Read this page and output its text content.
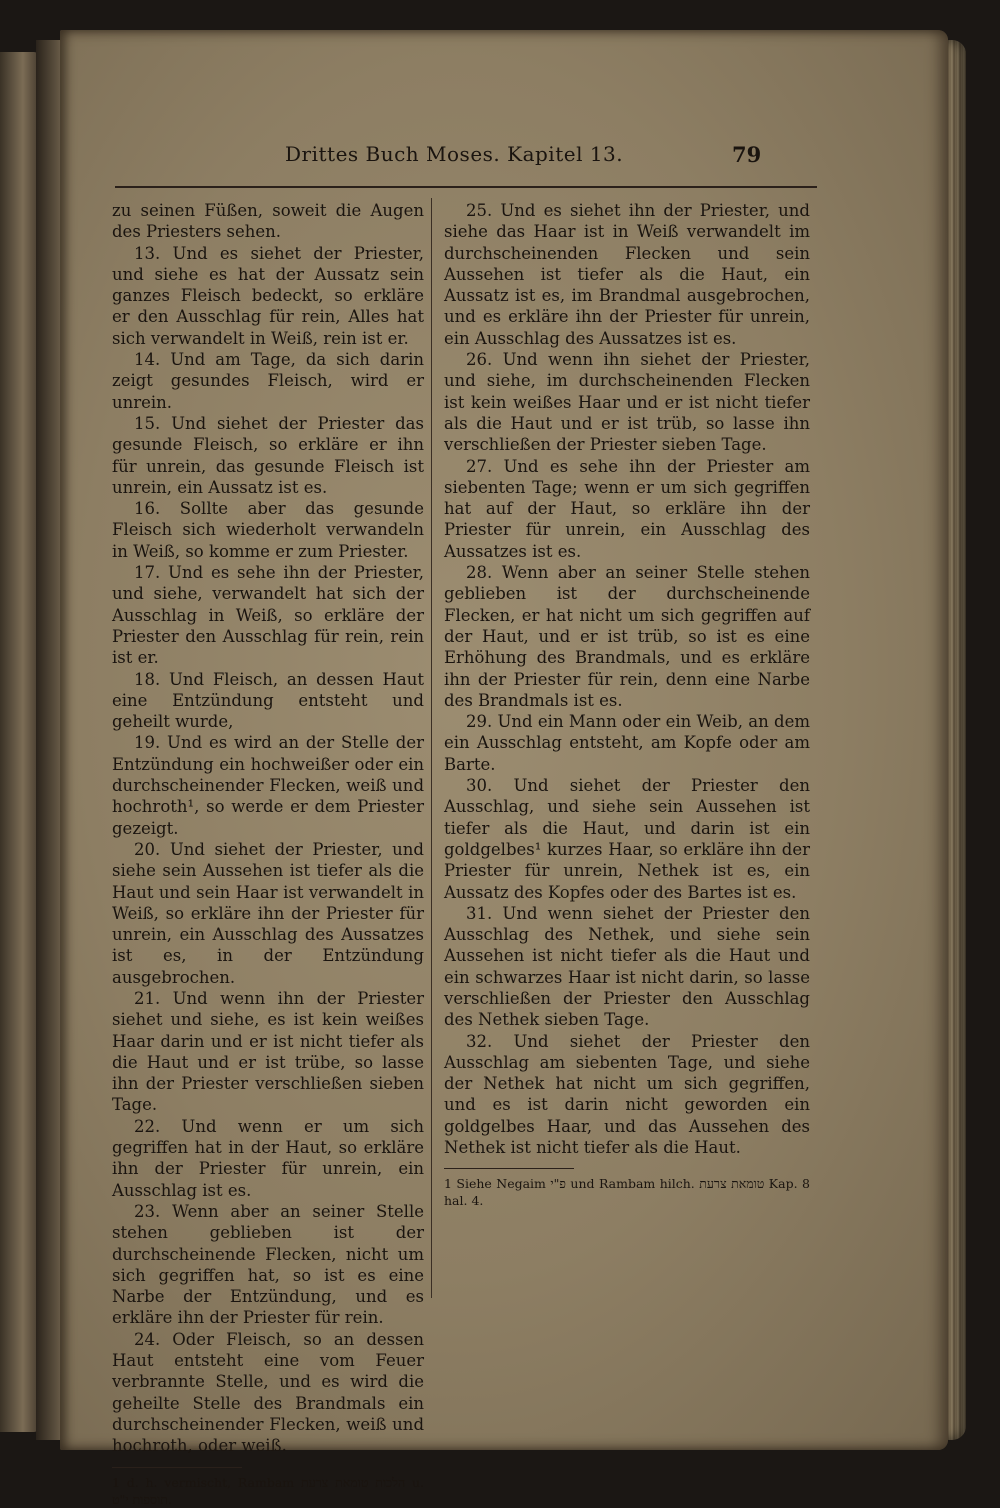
Drittes Buch Moses. Kapitel 13.	79

zu seinen Füßen, soweit die Augen des Priesters sehen.

13. Und es siehet der Priester, und siehe es hat der Aussatz sein ganzes Fleisch bedeckt, so erkläre er den Ausschlag für rein, Alles hat sich verwandelt in Weiß, rein ist er.

14. Und am Tage, da sich darin zeigt gesundes Fleisch, wird er unrein.

15. Und siehet der Priester das gesunde Fleisch, so erkläre er ihn für unrein, das gesunde Fleisch ist unrein, ein Aussatz ist es.

16. Sollte aber das gesunde Fleisch sich wiederholt verwandeln in Weiß, so komme er zum Priester.

17. Und es sehe ihn der Priester, und siehe, verwandelt hat sich der Ausschlag in Weiß, so erkläre der Priester den Ausschlag für rein, rein ist er.

18. Und Fleisch, an dessen Haut eine Entzündung entsteht und geheilt wurde,

19. Und es wird an der Stelle der Entzündung ein hochweißer oder ein durchscheinender Flecken, weiß und hochroth¹, so werde er dem Priester gezeigt.

20. Und siehet der Priester, und siehe sein Aussehen ist tiefer als die Haut und sein Haar ist verwandelt in Weiß, so erkläre ihn der Priester für unrein, ein Ausschlag des Aussatzes ist es, in der Entzündung ausgebrochen.

21. Und wenn ihn der Priester siehet und siehe, es ist kein weißes Haar darin und er ist nicht tiefer als die Haut und er ist trübe, so lasse ihn der Priester verschließen sieben Tage.

22. Und wenn er um sich gegriffen hat in der Haut, so erkläre ihn der Priester für unrein, ein Ausschlag ist es.

23. Wenn aber an seiner Stelle stehen geblieben ist der durchscheinende Flecken, nicht um sich gegriffen hat, so ist es eine Narbe der Entzündung, und es erkläre ihn der Priester für rein.

24. Oder Fleisch, so an dessen Haut entsteht eine vom Feuer verbrannte Stelle, und es wird die geheilte Stelle des Brandmals ein durchscheinender Flecken, weiß und hochroth, oder weiß.

1 d. h. vermischt, Rambam הלכות טומאת צרעת u. תוספות י"ט.

25. Und es siehet ihn der Priester, und siehe das Haar ist in Weiß verwandelt im durchscheinenden Flecken und sein Aussehen ist tiefer als die Haut, ein Aussatz ist es, im Brandmal ausgebrochen, und es erkläre ihn der Priester für unrein, ein Ausschlag des Aussatzes ist es.

26. Und wenn ihn siehet der Priester, und siehe, im durchscheinenden Flecken ist kein weißes Haar und er ist nicht tiefer als die Haut und er ist trüb, so lasse ihn verschließen der Priester sieben Tage.

27. Und es sehe ihn der Priester am siebenten Tage; wenn er um sich gegriffen hat auf der Haut, so erkläre ihn der Priester für unrein, ein Ausschlag des Aussatzes ist es.

28. Wenn aber an seiner Stelle stehen geblieben ist der durchscheinende Flecken, er hat nicht um sich gegriffen auf der Haut, und er ist trüb, so ist es eine Erhöhung des Brandmals, und es erkläre ihn der Priester für rein, denn eine Narbe des Brandmals ist es.

29. Und ein Mann oder ein Weib, an dem ein Ausschlag entsteht, am Kopfe oder am Barte.

30. Und siehet der Priester den Ausschlag, und siehe sein Aussehen ist tiefer als die Haut, und darin ist ein goldgelbes¹ kurzes Haar, so erkläre ihn der Priester für unrein, Nethek ist es, ein Aussatz des Kopfes oder des Bartes ist es.

31. Und wenn siehet der Priester den Ausschlag des Nethek, und siehe sein Aussehen ist nicht tiefer als die Haut und ein schwarzes Haar ist nicht darin, so lasse verschließen der Priester den Ausschlag des Nethek sieben Tage.

32. Und siehet der Priester den Ausschlag am siebenten Tage, und siehe der Nethek hat nicht um sich gegriffen, und es ist darin nicht geworden ein goldgelbes Haar, und das Aussehen des Nethek ist nicht tiefer als die Haut.

1 Siehe Negaim פ"י und Rambam hilch. טומאת צרעת Kap. 8 hal. 4.
